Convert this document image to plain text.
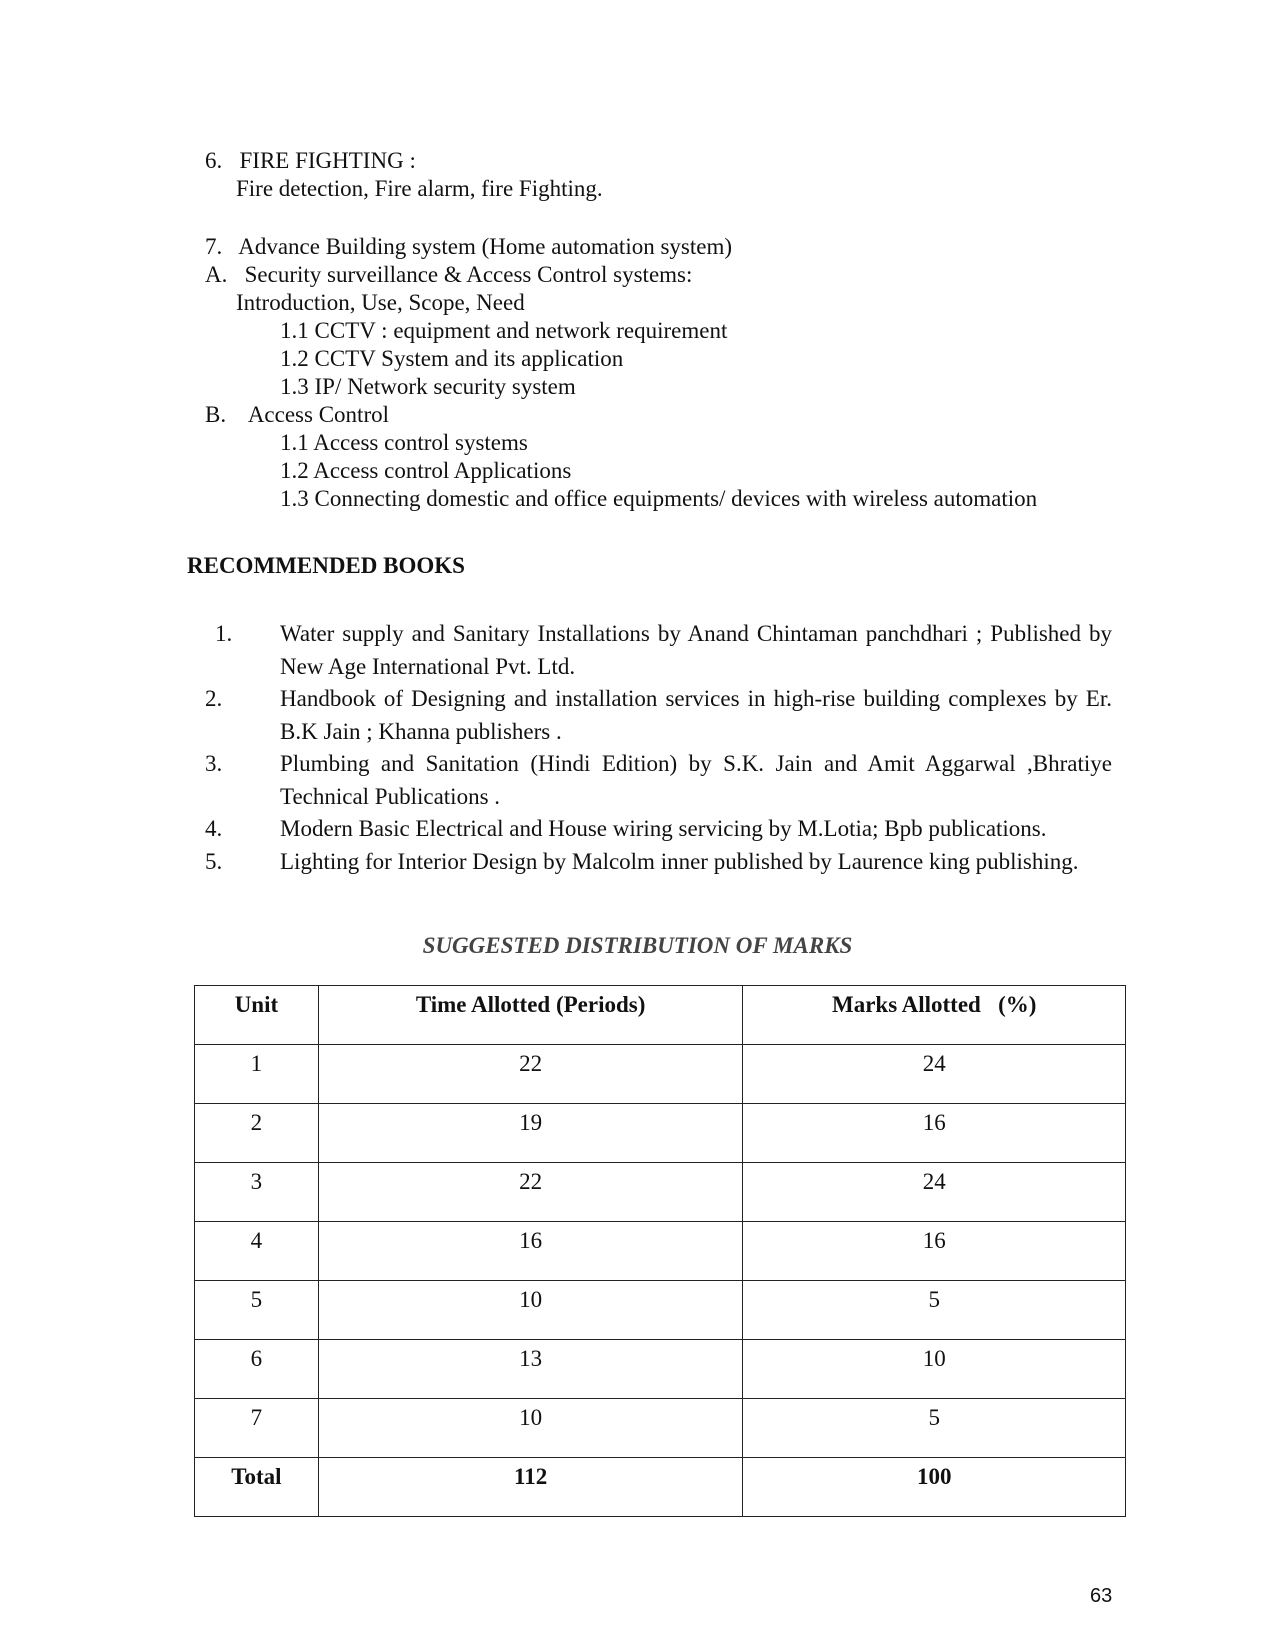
6.   FIRE FIGHTING :
Fire detection, Fire alarm, fire Fighting.
7.   Advance Building system (Home automation system)
A.   Security surveillance & Access Control systems:
Introduction, Use, Scope, Need
1.1 CCTV : equipment and network requirement
1.2 CCTV System and its application
1.3 IP/ Network security system
B.    Access Control
1.1 Access control systems
1.2 Access control Applications
1.3 Connecting domestic and office equipments/ devices with wireless automation
RECOMMENDED BOOKS
1. Water supply and Sanitary Installations by Anand Chintaman panchdhari ; Published by New Age International Pvt. Ltd.
2.	Handbook of Designing and installation services in high-rise building complexes by Er. B.K Jain ; Khanna publishers .
3.	Plumbing and Sanitation (Hindi Edition) by S.K. Jain and Amit Aggarwal ,Bhratiye Technical Publications .
4.	Modern Basic Electrical and House wiring servicing by M.Lotia; Bpb publications.
5.	Lighting for Interior Design by Malcolm inner published by Laurence king publishing.
SUGGESTED DISTRIBUTION OF MARKS
Unit	Time Allotted (Periods)	Marks Allotted   (%)
1	22	24
2	19	16
3	22	24
4	16	16
5	10	5
6	13	10
7	10	5
Total	112	100
63
